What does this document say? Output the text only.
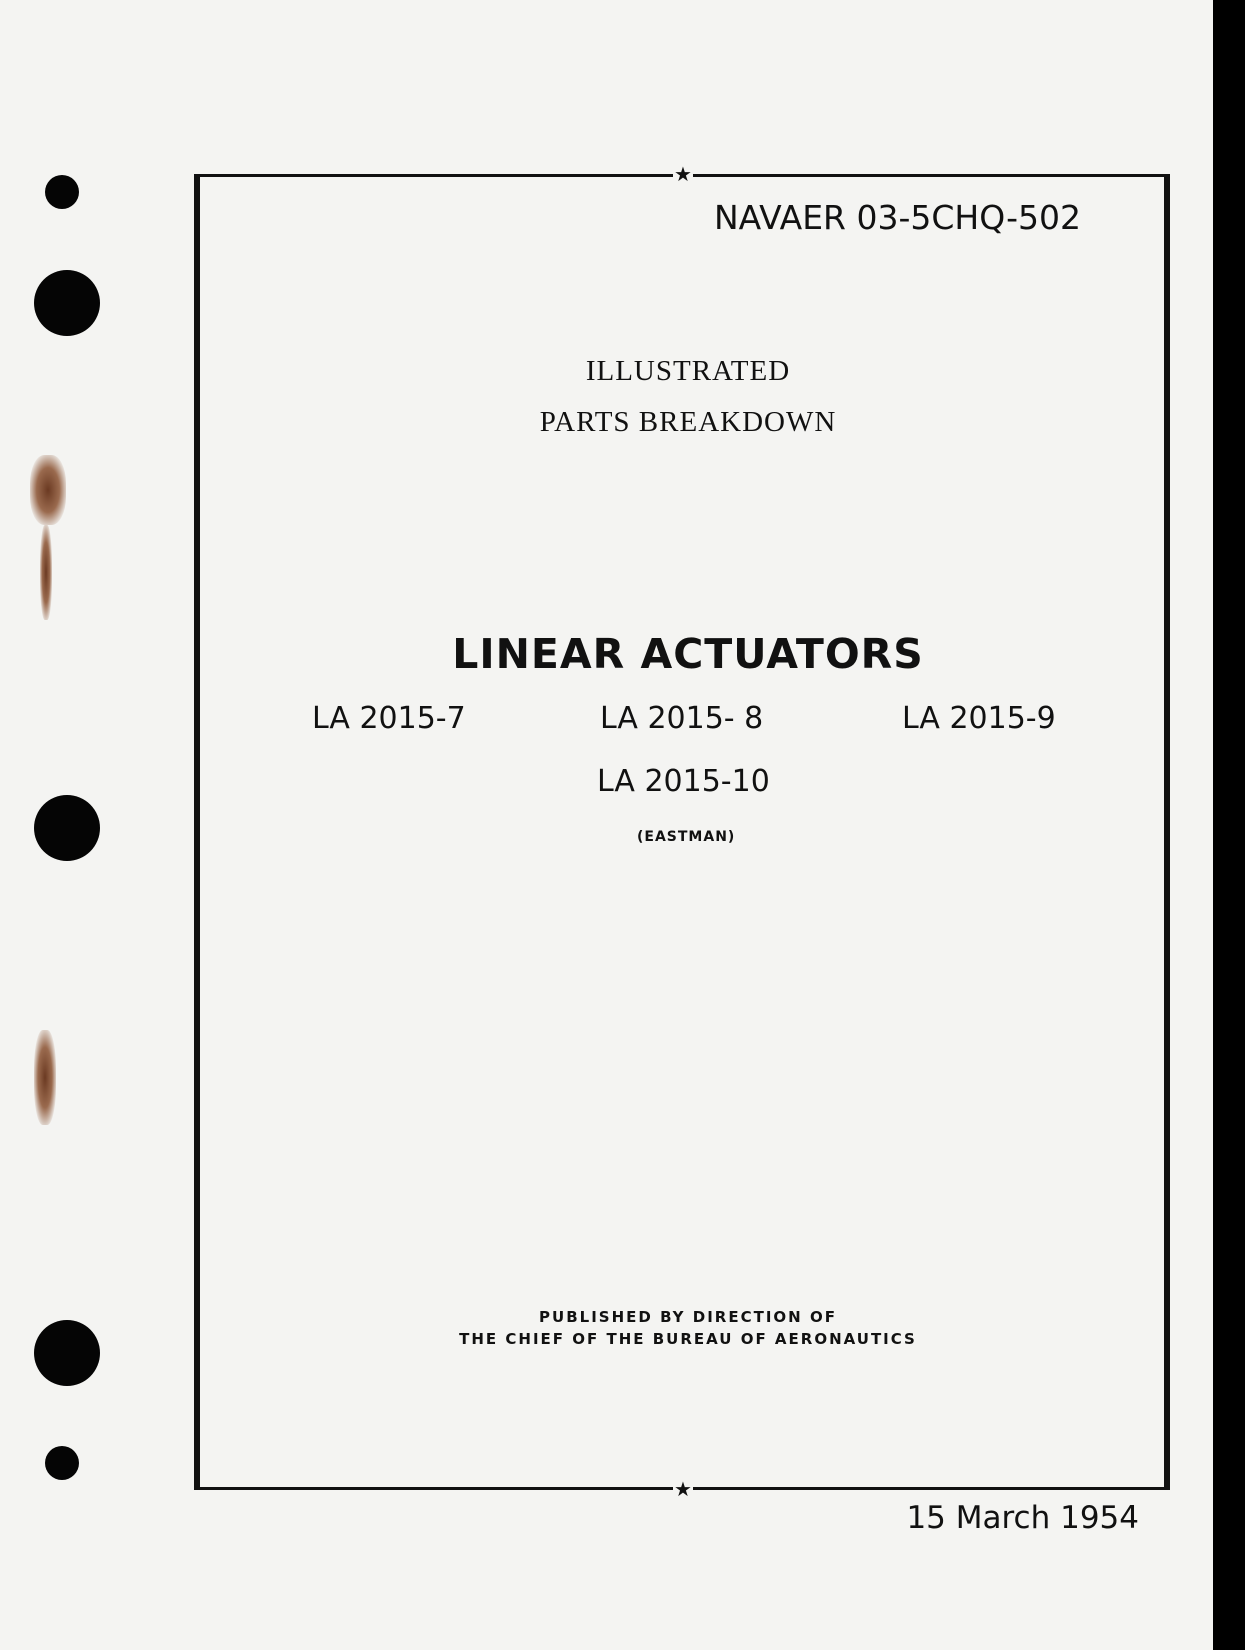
★
★
NAVAER 03-5CHQ-502
ILLUSTRATED
PARTS BREAKDOWN
LINEAR ACTUATORS
LA 2015-7	LA 2015- 8	LA 2015-9
LA 2015-10
(EASTMAN)
PUBLISHED BY DIRECTION OF
THE CHIEF OF THE BUREAU OF AERONAUTICS
15 March 1954
